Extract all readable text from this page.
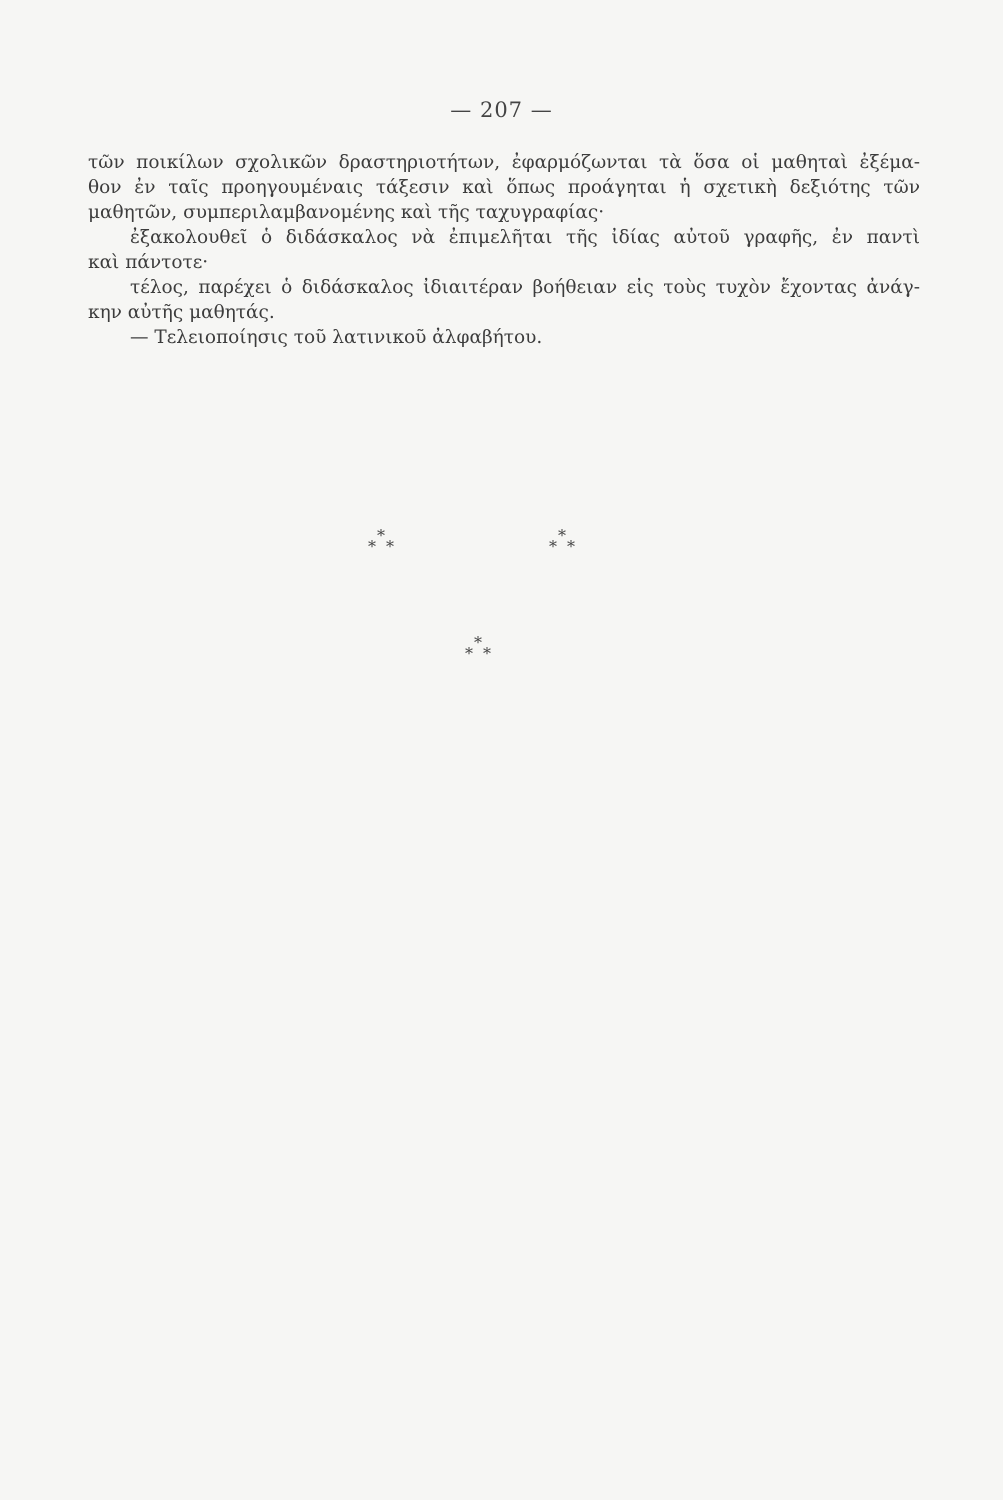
— 207 —
τῶν ποικίλων σχολικῶν δραστηριοτήτων, ἐφαρμόζωνται τὰ ὅσα οἱ μαθηταὶ ἐξέμα-
θον ἐν ταῖς προηγουμέναις τάξεσιν καὶ ὅπως προάγηται ἡ σχετικὴ δεξιότης τῶν
μαθητῶν, συμπεριλαμβανομένης καὶ τῆς ταχυγραφίας·
ἐξακολουθεῖ ὁ διδάσκαλος νὰ ἐπιμελῆται τῆς ἰδίας αὐτοῦ γραφῆς, ἐν παντὶ
καὶ πάντοτε·
τέλος, παρέχει ὁ διδάσκαλος ἰδιαιτέραν βοήθειαν εἰς τοὺς τυχὸν ἔχοντας ἀνάγ-
κην αὐτῆς μαθητάς.
— Τελειοποίησις τοῦ λατινικοῦ ἀλφαβήτου.
*
* *
*
* *
*
* *
